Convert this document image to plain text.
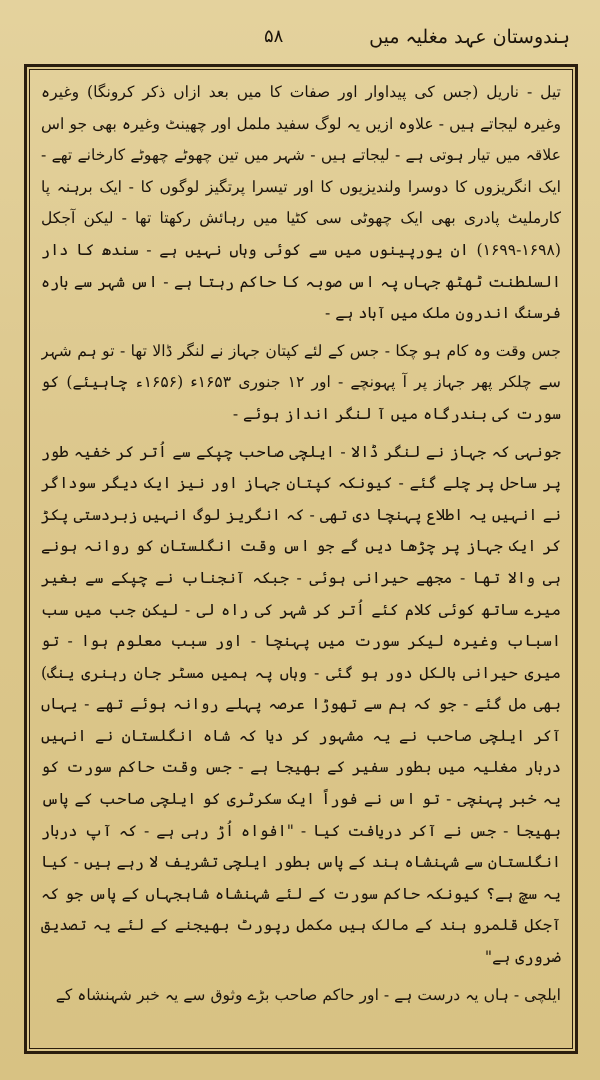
ہندوستان عہد مغلیہ میں
۵۸

تیل - ناریل (جس کی پیداوار اور صفات کا میں بعد ازاں ذکر کرونگا) وغیرہ وغیرہ لیجاتے ہیں - علاوہ ازیں یہ لوگ سفید ململ اور چھینٹ وغیرہ بھی جو اس علاقہ میں تیار ہوتی ہے - لیجاتے ہیں - شہر میں تین چھوٹے چھوٹے کارخانے تھے - ایک انگریزوں کا دوسرا ولندیزیوں کا اور تیسرا پرتگیز لوگوں کا - ایک برہنہ پا کارملیٹ پادری بھی ایک چھوٹی سی کٹیا میں رہائش رکھتا تھا - لیکن آجکل (۱۶۹۸-۱۶۹۹) ان یورپینوں میں سے کوئی وہاں نہیں ہے - سندھ کا دار السلطنت ٹھٹھ جہاں پہ اس صوبہ کا حاکم رہتا ہے - اس شہر سے بارہ فرسنگ اندرون ملک میں آباد ہے -

جس وقت وہ کام ہو چکا - جس کے لئے کپتان جہاز نے لنگر ڈالا تھا - تو ہم شہر سے چلکر پھر جہاز پر آ پہونچے - اور ۱۲ جنوری ۱۶۵۳ء (۱۶۵۶ء چاہیئے) کو سورت کی بندرگاہ میں آ لنگر انداز ہوئے -

جونہی کہ جہاز نے لنگر ڈالا - ایلچی صاحب چپکے سے اُتر کر خفیہ طور پر ساحل پر چلے گئے - کیونکہ کپتان جہاز اور نیز ایک دیگر سوداگر نے انہیں یہ اطلاع پہنچا دی تھی - کہ انگریز لوگ انہیں زبردستی پکڑ کر ایک جہاز پر چڑھا دیں گے جو اس وقت انگلستان کو روانہ ہونے ہی والا تھا - مجھے حیرانی ہوئی - جبکہ آنجناب نے چپکے سے بغیر میرے ساتھ کوئی کلام کئے اُتر کر شہر کی راہ لی - لیکن جب میں سب اسباب وغیرہ لیکر سورت میں پہنچا - اور سبب معلوم ہوا - تو میری حیرانی بالکل دور ہو گئی - وہاں پہ ہمیں مسٹر جان رہنری ینگ) بھی مل گئے - جو کہ ہم سے تھوڑا عرصہ پہلے روانہ ہوئے تھے - یہاں آکر ایلچی صاحب نے یہ مشہور کر دیا کہ شاہ انگلستان نے انہیں دربار مغلیہ میں بطور سفیر کے بھیجا ہے - جس وقت حاکم سورت کو یہ خبر پہنچی - تو اس نے فوراً ایک سکرٹری کو ایلچی صاحب کے پاس بھیجا - جس نے آکر دریافت کیا - "افواہ اُڑ رہی ہے - کہ آپ دربار انگلستان سے شہنشاہ ہند کے پاس بطور ایلچی تشریف لا رہے ہیں - کیا یہ سچ ہے؟ کیونکہ حاکم سورت کے لئے شہنشاہ شاہجہاں کے پاس جو کہ آجکل قلمرو ہند کے مالک ہیں مکمل رپورٹ بھیجنے کے لئے یہ تصدیق ضروری ہے"

ایلچی - ہاں یہ درست ہے - اور حاکم صاحب بڑے وثوق سے یہ خبر شہنشاہ کے
